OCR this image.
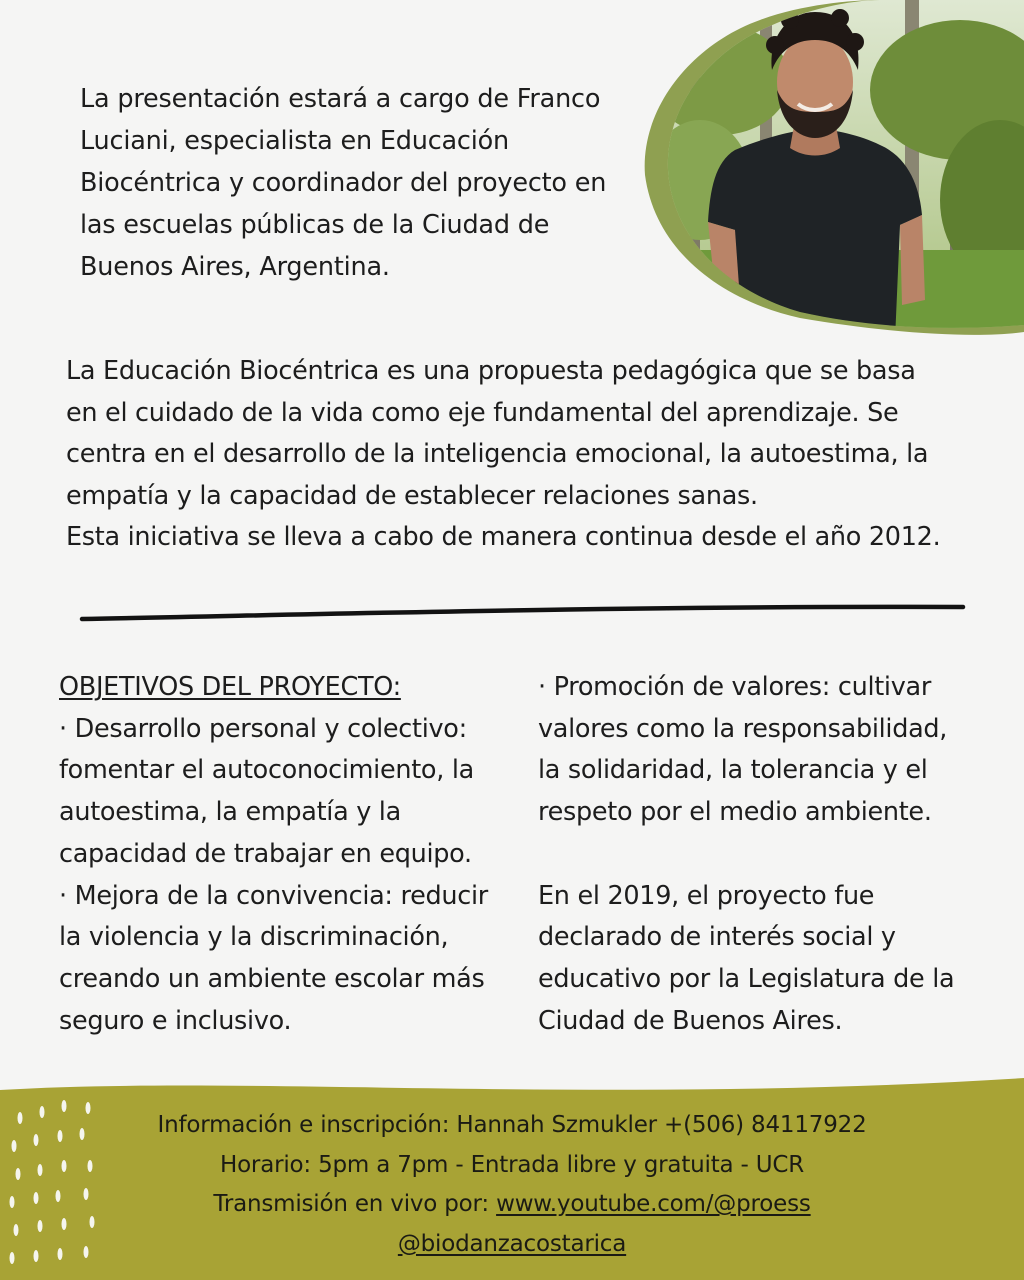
La presentación estará a cargo de Franco
Luciani, especialista en Educación
Biocéntrica y coordinador del proyecto en
las escuelas públicas de la Ciudad de
Buenos Aires, Argentina.
La Educación Biocéntrica es una propuesta pedagógica que se basa
en el cuidado de la vida como eje fundamental del aprendizaje. Se
centra en el desarrollo de la inteligencia emocional, la autoestima, la
empatía y la capacidad de establecer relaciones sanas.
Esta iniciativa se lleva a cabo de manera continua desde el año 2012.
OBJETIVOS DEL PROYECTO:
· Desarrollo personal y colectivo:
fomentar el autoconocimiento, la
autoestima, la empatía y la
capacidad de trabajar en equipo.
· Mejora de la convivencia: reducir
la violencia y la discriminación,
creando un ambiente escolar más
seguro e inclusivo.
· Promoción de valores: cultivar
valores como la responsabilidad,
la solidaridad, la tolerancia y el
respeto por el medio ambiente.
En el 2019, el proyecto fue
declarado de interés social y
educativo por la Legislatura de la
Ciudad de Buenos Aires.
Información e inscripción: Hannah Szmukler +(506) 84117922
Horario: 5pm a 7pm - Entrada libre y gratuita - UCR
Transmisión en vivo por: www.youtube.com/@proess
@biodanzacostarica
